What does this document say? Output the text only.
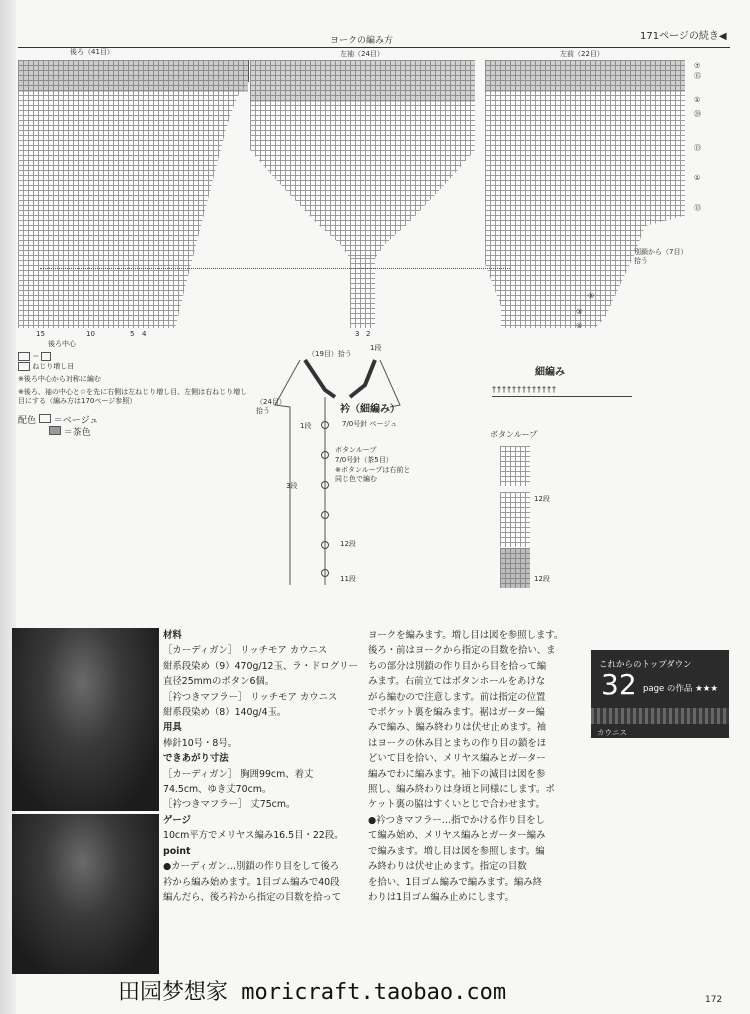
171ページの続き◀
ヨークの編み方
後ろ（41目）	左袖（24目）	左前（22目）
⑦
⑮
①
⑳
⑬
①
⑬
別鎖から（7目）拾う
⑤
③
①
15	10	5 4	3 2
後ろ中心
＝
ねじり増し目
※後ろ中心から対称に編む
※後ろ、袖の中心と☆を先に右側は左ねじり増し目、左側は右ねじり増し目にする（編み方は170ページ参照）
配色 ＝ベージュ
＝茶色
（19目）拾う
1段
（24目）拾う	衿（細編み）
7/0号針 ベージュ
1段
ボタンループ
7/0号針（茶5目）
※ボタンループは右前と同じ色で編む
3段
12段
11段
細編み
†††††††††††††
ボタンループ
12段
12段
材料
［カーディガン］ リッチモア カウニス
紺系段染め（9）470g/12玉、ラ・ドログリー
直径25mmのボタン6個。
［衿つきマフラー］ リッチモア カウニス
紺系段染め（8）140g/4玉。
用具
棒針10号・8号。
できあがり寸法
［カーディガン］ 胸囲99cm、着丈
74.5cm、ゆき丈70cm。
［衿つきマフラー］ 丈75cm。
ゲージ
10cm平方でメリヤス編み16.5目・22段。
point
●カーディガン…別鎖の作り目をして後ろ
衿から編み始めます。1目ゴム編みで40段
編んだら、後ろ衿から指定の目数を拾って
ヨークを編みます。増し目は図を参照します。
後ろ・前はヨークから指定の目数を拾い、ま
ちの部分は別鎖の作り目から目を拾って編
みます。右前立てはボタンホールをあけな
がら編むので注意します。前は指定の位置
でポケット裏を編みます。裾はガーター編
みで編み、編み終わりは伏せ止めます。袖
はヨークの休み目とまちの作り目の鎖をほ
どいて目を拾い、メリヤス編みとガーター
編みでわに編みます。袖下の減目は図を参
照し、編み終わりは身頃と同様にします。ポ
ケット裏の脇はすくいとじで合わせます。
●衿つきマフラー…指でかける作り目をし
て編み始め、メリヤス編みとガーター編み
で編みます。増し目は図を参照します。編
み終わりは伏せ止めます。指定の目数
を拾い、1目ゴム編みで編みます。編み終
わりは1目ゴム編み止めにします。
これからのトップダウン
32 page の作品 ★★★
カウニス
田园梦想家 moricraft.taobao.com	172
